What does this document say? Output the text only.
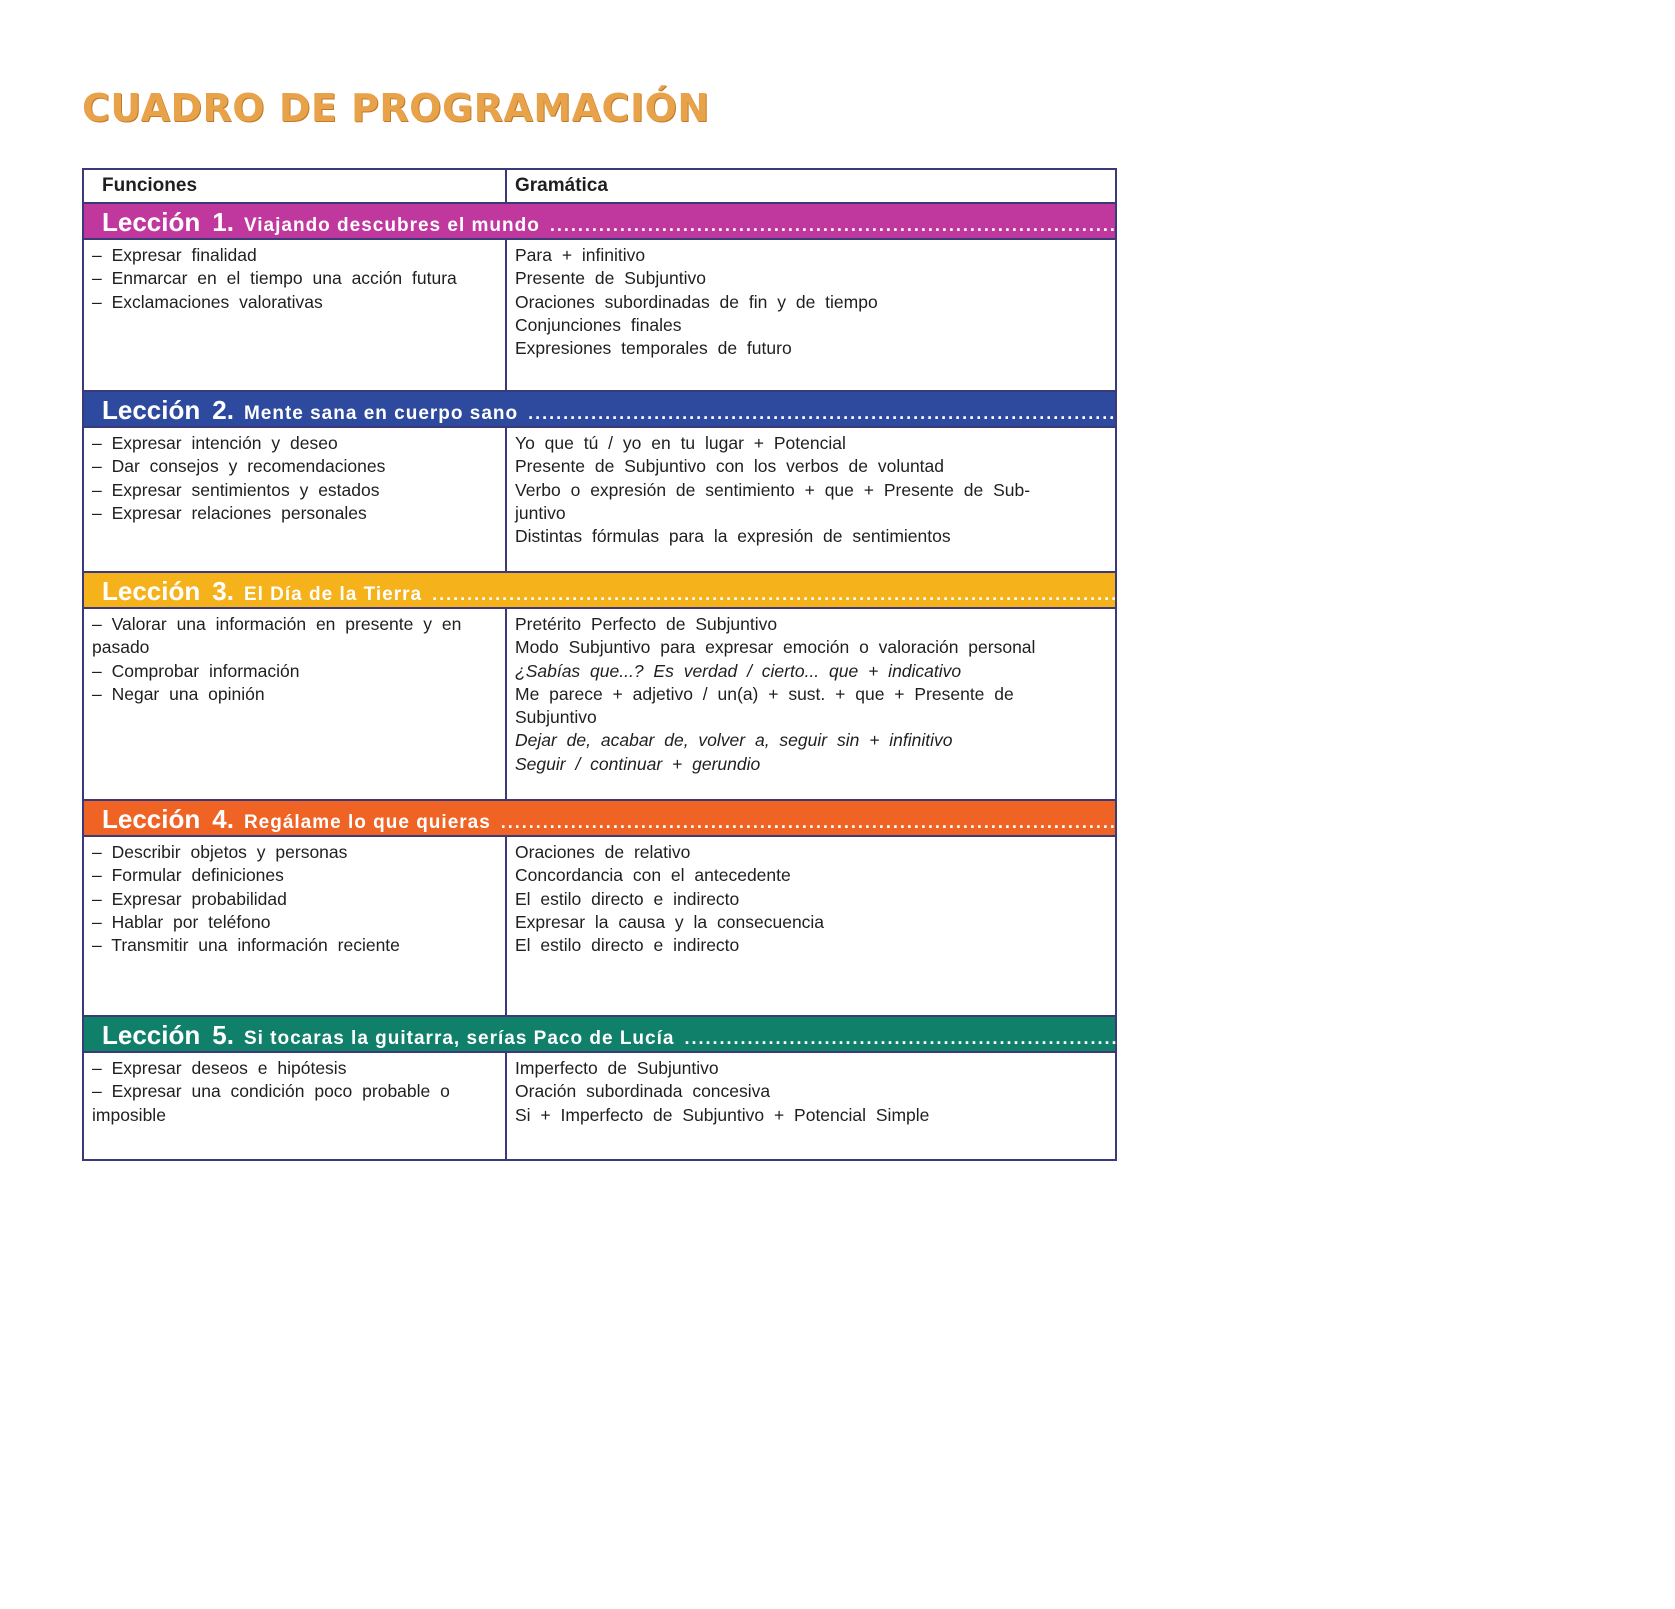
CUADRO DE PROGRAMACIÓN
Funciones	Gramática
Lección 1. Viajando descubres el mundo ......................................................................................................................................... 6

– Expresar finalidad

– Enmarcar en el tiempo una acción futura

– Exclamaciones valorativas

Para + infinitivo

Presente de Subjuntivo

Oraciones subordinadas de fin y de tiempo

Conjunciones finales

Expresiones temporales de futuro

Lección 2. Mente sana en cuerpo sano ......................................................................................................................................... 26

– Expresar intención y deseo

– Dar consejos y recomendaciones

– Expresar sentimientos y estados

– Expresar relaciones personales

Yo que tú / yo en tu lugar + Potencial

Presente de Subjuntivo con los verbos de voluntad

Verbo o expresión de sentimiento + que + Presente de Sub-

juntivo

Distintas fórmulas para la expresión de sentimientos

Lección 3. El Día de la Tierra ......................................................................................................................................... 46

– Valorar una información en presente y en

pasado

– Comprobar información

– Negar una opinión

Pretérito Perfecto de Subjuntivo

Modo Subjuntivo para expresar emoción o valoración personal

¿Sabías que...? Es verdad / cierto... que + indicativo

Me parece + adjetivo / un(a) + sust. + que + Presente de

Subjuntivo

Dejar de, acabar de, volver a, seguir sin + infinitivo

Seguir / continuar + gerundio

Lección 4. Regálame lo que quieras ......................................................................................................................................... 58

– Describir objetos y personas

– Formular definiciones

– Expresar probabilidad

– Hablar por teléfono

– Transmitir una información reciente

Oraciones de relativo

Concordancia con el antecedente

El estilo directo e indirecto

Expresar la causa y la consecuencia

El estilo directo e indirecto

Lección 5. Si tocaras la guitarra, serías Paco de Lucía ......................................................................................................................................... 76

– Expresar deseos e hipótesis

– Expresar una condición poco probable o

imposible

Imperfecto de Subjuntivo

Oración subordinada concesiva

Si + Imperfecto de Subjuntivo + Potencial Simple
